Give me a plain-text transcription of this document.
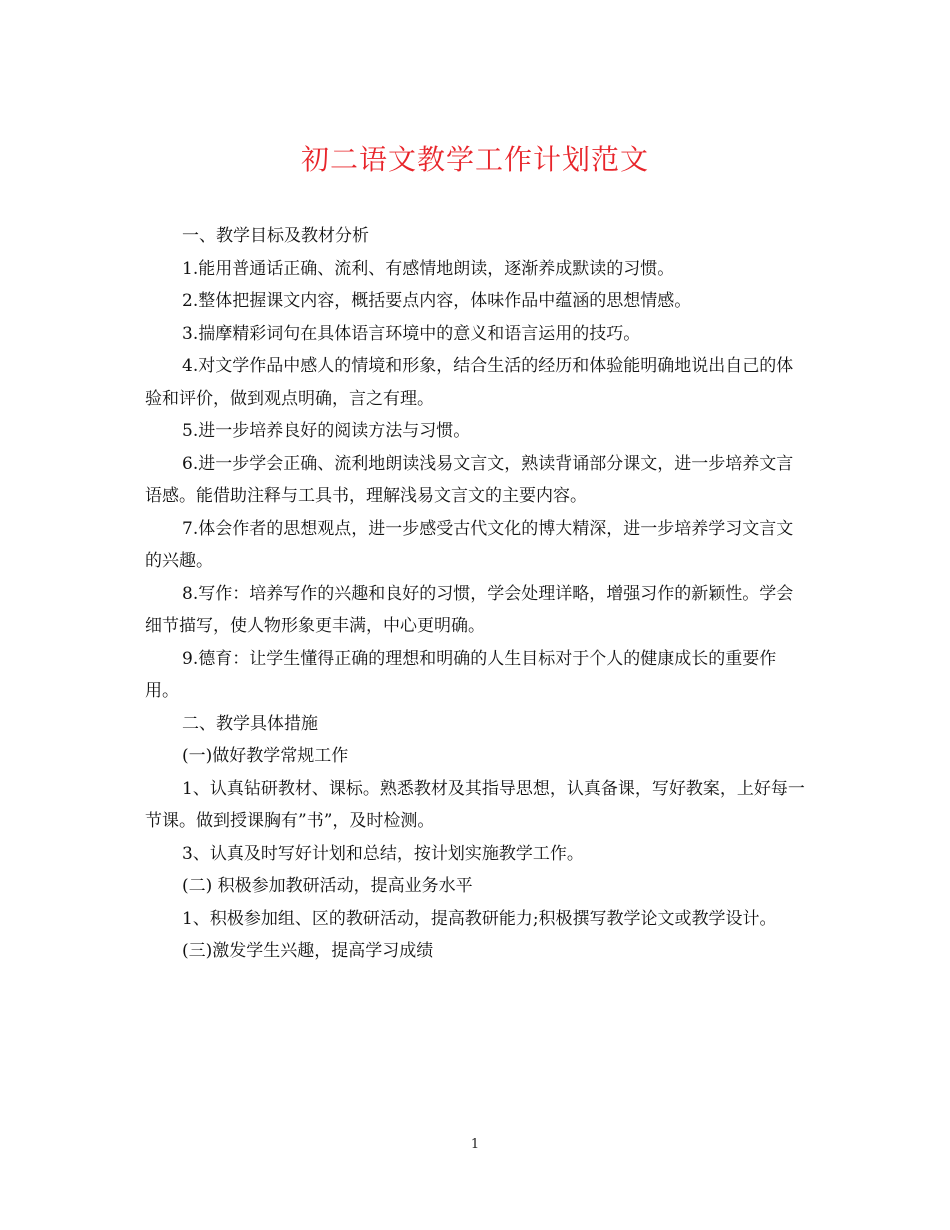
初二语文教学工作计划范文

一、教学目标及教材分析

1.能用普通话正确、流利、有感情地朗读，逐渐养成默读的习惯。

2.整体把握课文内容，概括要点内容，体味作品中蕴涵的思想情感。

3.揣摩精彩词句在具体语言环境中的意义和语言运用的技巧。

4.对文学作品中感人的情境和形象，结合生活的经历和体验能明确地说出自己的体验和评价，做到观点明确，言之有理。

5.进一步培养良好的阅读方法与习惯。

6.进一步学会正确、流利地朗读浅易文言文，熟读背诵部分课文，进一步培养文言语感。能借助注释与工具书，理解浅易文言文的主要内容。

7.体会作者的思想观点，进一步感受古代文化的博大精深，进一步培养学习文言文的兴趣。

8.写作：培养写作的兴趣和良好的习惯，学会处理详略，增强习作的新颖性。学会细节描写，使人物形象更丰满，中心更明确。

9.德育：让学生懂得正确的理想和明确的人生目标对于个人的健康成长的重要作用。

二、教学具体措施

(一)做好教学常规工作

1、认真钻研教材、课标。熟悉教材及其指导思想，认真备课，写好教案，上好每一节课。做到授课胸有”书”，及时检测。

3、认真及时写好计划和总结，按计划实施教学工作。

(二) 积极参加教研活动，提高业务水平

1、积极参加组、区的教研活动，提高教研能力;积极撰写教学论文或教学设计。

(三)激发学生兴趣，提高学习成绩

1
